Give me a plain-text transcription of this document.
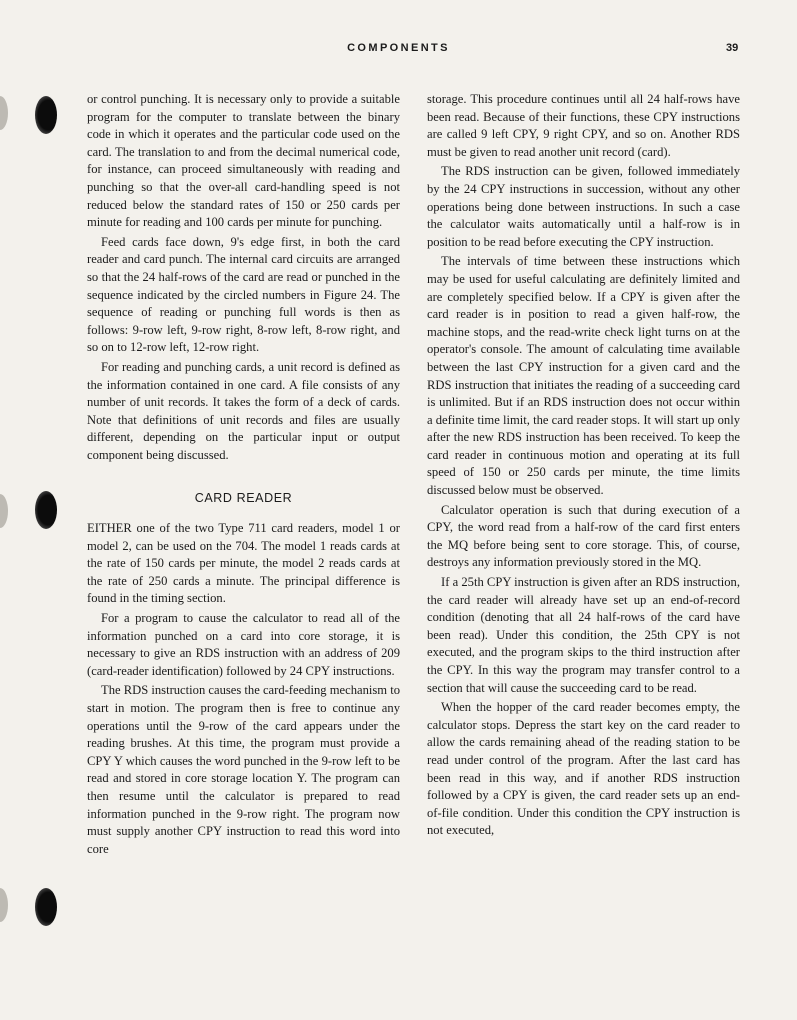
COMPONENTS	39

or control punching. It is necessary only to provide a suitable program for the computer to translate between the binary code in which it operates and the particular code used on the card. The translation to and from the decimal numerical code, for instance, can proceed simultaneously with reading and punching so that the over-all card-handling speed is not reduced below the standard rates of 150 or 250 cards per minute for reading and 100 cards per minute for punching.

Feed cards face down, 9's edge first, in both the card reader and card punch. The internal card circuits are arranged so that the 24 half-rows of the card are read or punched in the sequence indicated by the circled numbers in Figure 24. The sequence of reading or punching full words is then as follows: 9-row left, 9-row right, 8-row left, 8-row right, and so on to 12-row left, 12-row right.

For reading and punching cards, a unit record is defined as the information contained in one card. A file consists of any number of unit records. It takes the form of a deck of cards. Note that definitions of unit records and files are usually different, depending on the particular input or output component being discussed.

CARD READER

EITHER one of the two Type 711 card readers, model 1 or model 2, can be used on the 704. The model 1 reads cards at the rate of 150 cards per minute, the model 2 reads cards at the rate of 250 cards a minute. The principal difference is found in the timing section.

For a program to cause the calculator to read all of the information punched on a card into core storage, it is necessary to give an RDS instruction with an address of 209 (card-reader identification) followed by 24 CPY instructions.

The RDS instruction causes the card-feeding mechanism to start in motion. The program then is free to continue any operations until the 9-row of the card appears under the reading brushes. At this time, the program must provide a CPY Y which causes the word punched in the 9-row left to be read and stored in core storage location Y. The program can then resume until the calculator is prepared to read information punched in the 9-row right. The program now must supply another CPY instruction to read this word into core

storage. This procedure continues until all 24 half-rows have been read. Because of their functions, these CPY instructions are called 9 left CPY, 9 right CPY, and so on. Another RDS must be given to read another unit record (card).

The RDS instruction can be given, followed immediately by the 24 CPY instructions in succession, without any other operations being done between instructions. In such a case the calculator waits automatically until a half-row is in position to be read before executing the CPY instruction.

The intervals of time between these instructions which may be used for useful calculating are definitely limited and are completely specified below. If a CPY is given after the card reader is in position to read a given half-row, the machine stops, and the read-write check light turns on at the operator's console. The amount of calculating time available between the last CPY instruction for a given card and the RDS instruction that initiates the reading of a succeeding card is unlimited. But if an RDS instruction does not occur within a definite time limit, the card reader stops. It will start up only after the new RDS instruction has been received. To keep the card reader in continuous motion and operating at its full speed of 150 or 250 cards per minute, the time limits discussed below must be observed.

Calculator operation is such that during execution of a CPY, the word read from a half-row of the card first enters the MQ before being sent to core storage. This, of course, destroys any information previously stored in the MQ.

If a 25th CPY instruction is given after an RDS instruction, the card reader will already have set up an end-of-record condition (denoting that all 24 half-rows of the card have been read). Under this condition, the 25th CPY is not executed, and the program skips to the third instruction after the CPY. In this way the program may transfer control to a section that will cause the succeeding card to be read.

When the hopper of the card reader becomes empty, the calculator stops. Depress the start key on the card reader to allow the cards remaining ahead of the reading station to be read under control of the program. After the last card has been read in this way, and if another RDS instruction followed by a CPY is given, the card reader sets up an end-of-file condition. Under this condition the CPY instruction is not executed,
